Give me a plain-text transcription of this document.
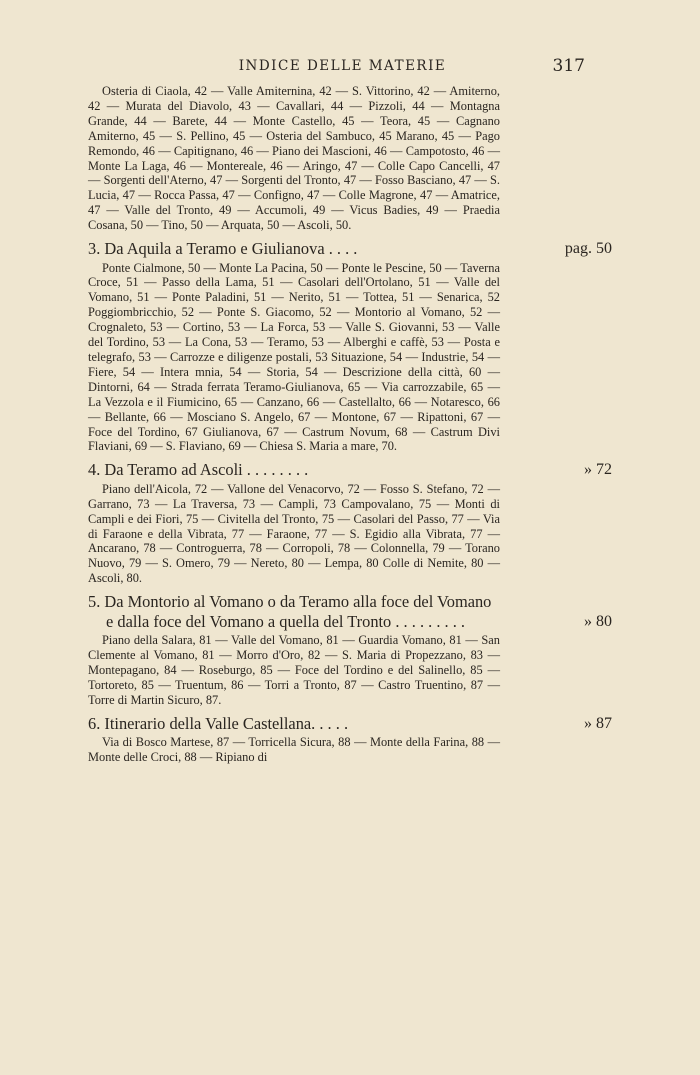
INDICE DELLE MATERIE	317

Osteria di Ciaola, 42 — Valle Amiternina, 42 — S. Vittorino, 42 — Amiterno, 42 — Murata del Diavolo, 43 — Cavallari, 44 — Pizzoli, 44 — Montagna Grande, 44 — Barete, 44 — Monte Castello, 45 — Teora, 45 — Cagnano Amiterno, 45 — S. Pellino, 45 — Osteria del Sambuco, 45 Marano, 45 — Pago Remondo, 46 — Capitignano, 46 — Piano dei Mascioni, 46 — Campotosto, 46 — Monte La Laga, 46 — Montereale, 46 — Aringo, 47 — Colle Capo Cancelli, 47 — Sorgenti dell'Aterno, 47 — Sorgenti del Tronto, 47 — Fosso Basciano, 47 — S. Lucia, 47 — Rocca Passa, 47 — Configno, 47 — Colle Magrone, 47 — Amatrice, 47 — Valle del Tronto, 49 — Accumoli, 49 — Vicus Badies, 49 — Praedia Cosana, 50 — Tino, 50 — Arquata, 50 — Ascoli, 50.

3. Da Aquila a Teramo e Giulianova . . . .	pag. 50

Ponte Cialmone, 50 — Monte La Pacina, 50 — Ponte le Pescine, 50 — Taverna Croce, 51 — Passo della Lama, 51 — Casolari dell'Ortolano, 51 — Valle del Vomano, 51 — Ponte Paladini, 51 — Nerito, 51 — Tottea, 51 — Senarica, 52 Poggiombricchio, 52 — Ponte S. Giacomo, 52 — Montorio al Vomano, 52 — Crognaleto, 53 — Cortino, 53 — La Forca, 53 — Valle S. Giovanni, 53 — Valle del Tordino, 53 — La Cona, 53 — Teramo, 53 — Alberghi e caffè, 53 — Posta e telegrafo, 53 — Carrozze e diligenze postali, 53 Situazione, 54 — Industrie, 54 — Fiere, 54 — Intera mnia, 54 — Storia, 54 — Descrizione della città, 60 — Dintorni, 64 — Strada ferrata Teramo-Giulianova, 65 — Via carrozzabile, 65 — La Vezzola e il Fiumicino, 65 — Canzano, 66 — Castellalto, 66 — Notaresco, 66 — Bellante, 66 — Mosciano S. Angelo, 67 — Montone, 67 — Ripattoni, 67 — Foce del Tordino, 67 Giulianova, 67 — Castrum Novum, 68 — Castrum Divi Flaviani, 69 — S. Flaviano, 69 — Chiesa S. Maria a mare, 70.

4. Da Teramo ad Ascoli . . . . . . . .	» 72

Piano dell'Aicola, 72 — Vallone del Venacorvo, 72 — Fosso S. Stefano, 72 — Garrano, 73 — La Traversa, 73 — Campli, 73 Campovalano, 75 — Monti di Campli e dei Fiori, 75 — Civitella del Tronto, 75 — Casolari del Passo, 77 — Via di Faraone e della Vibrata, 77 — Faraone, 77 — S. Egidio alla Vibrata, 77 — Ancarano, 78 — Controguerra, 78 — Corropoli, 78 — Colonnella, 79 — Torano Nuovo, 79 — S. Omero, 79 — Nereto, 80 — Lempa, 80 Colle di Nemite, 80 — Ascoli, 80.

5. Da Montorio al Vomano o da Teramo alla foce del Vomano e dalla foce del Vomano a quella del Tronto . . . . . . . . .	» 80

Piano della Salara, 81 — Valle del Vomano, 81 — Guardia Vomano, 81 — San Clemente al Vomano, 81 — Morro d'Oro, 82 — S. Maria di Propezzano, 83 — Montepagano, 84 — Roseburgo, 85 — Foce del Tordino e del Salinello, 85 — Tortoreto, 85 — Truentum, 86 — Torri a Tronto, 87 — Castro Truentino, 87 — Torre di Martin Sicuro, 87.

6. Itinerario della Valle Castellana. . . . .	» 87

Via di Bosco Martese, 87 — Torricella Sicura, 88 — Monte della Farina, 88 — Monte delle Croci, 88 — Ripiano di
